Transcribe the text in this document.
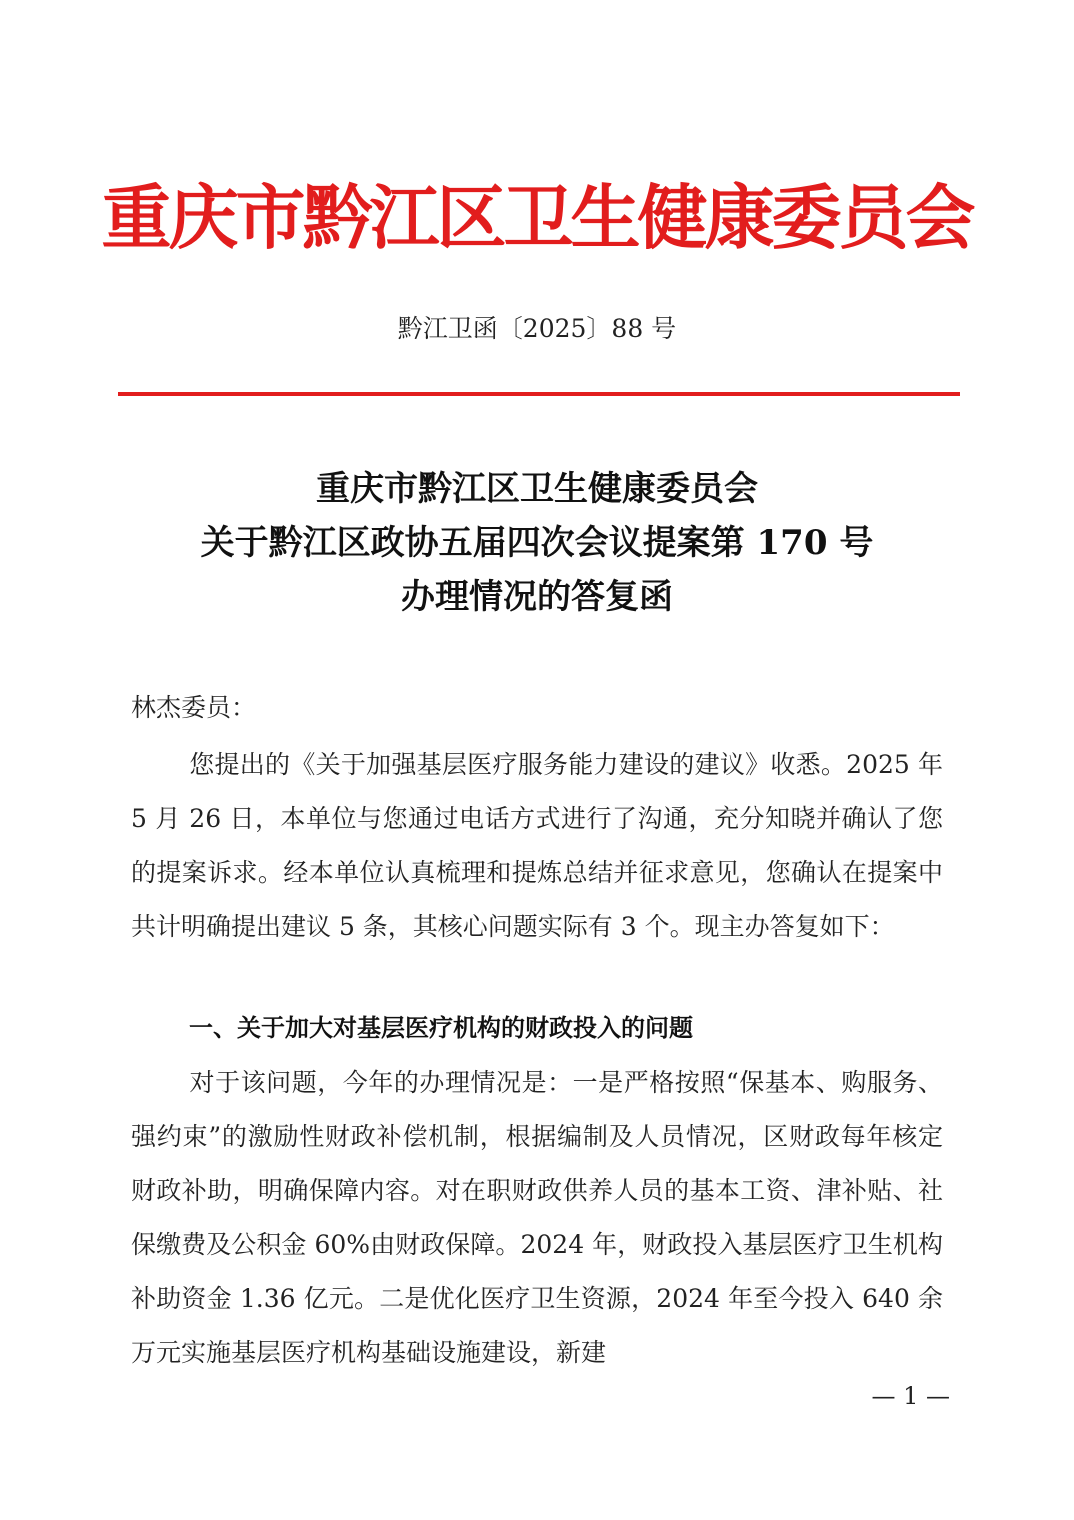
重庆市黔江区卫生健康委员会
黔江卫函〔2025〕88 号
重庆市黔江区卫生健康委员会
关于黔江区政协五届四次会议提案第 170 号
办理情况的答复函
林杰委员：
您提出的《关于加强基层医疗服务能力建设的建议》收悉。2025 年 5 月 26 日，本单位与您通过电话方式进行了沟通，充分知晓并确认了您的提案诉求。经本单位认真梳理和提炼总结并征求意见，您确认在提案中共计明确提出建议 5 条，其核心问题实际有 3 个。现主办答复如下：
一、关于加大对基层医疗机构的财政投入的问题
对于该问题，今年的办理情况是：一是严格按照“保基本、购服务、强约束”的激励性财政补偿机制，根据编制及人员情况，区财政每年核定财政补助，明确保障内容。对在职财政供养人员的基本工资、津补贴、社保缴费及公积金 60%由财政保障。2024 年，财政投入基层医疗卫生机构补助资金 1.36 亿元。二是优化医疗卫生资源，2024 年至今投入 640 余万元实施基层医疗机构基础设施建设，新建
— 1 —
